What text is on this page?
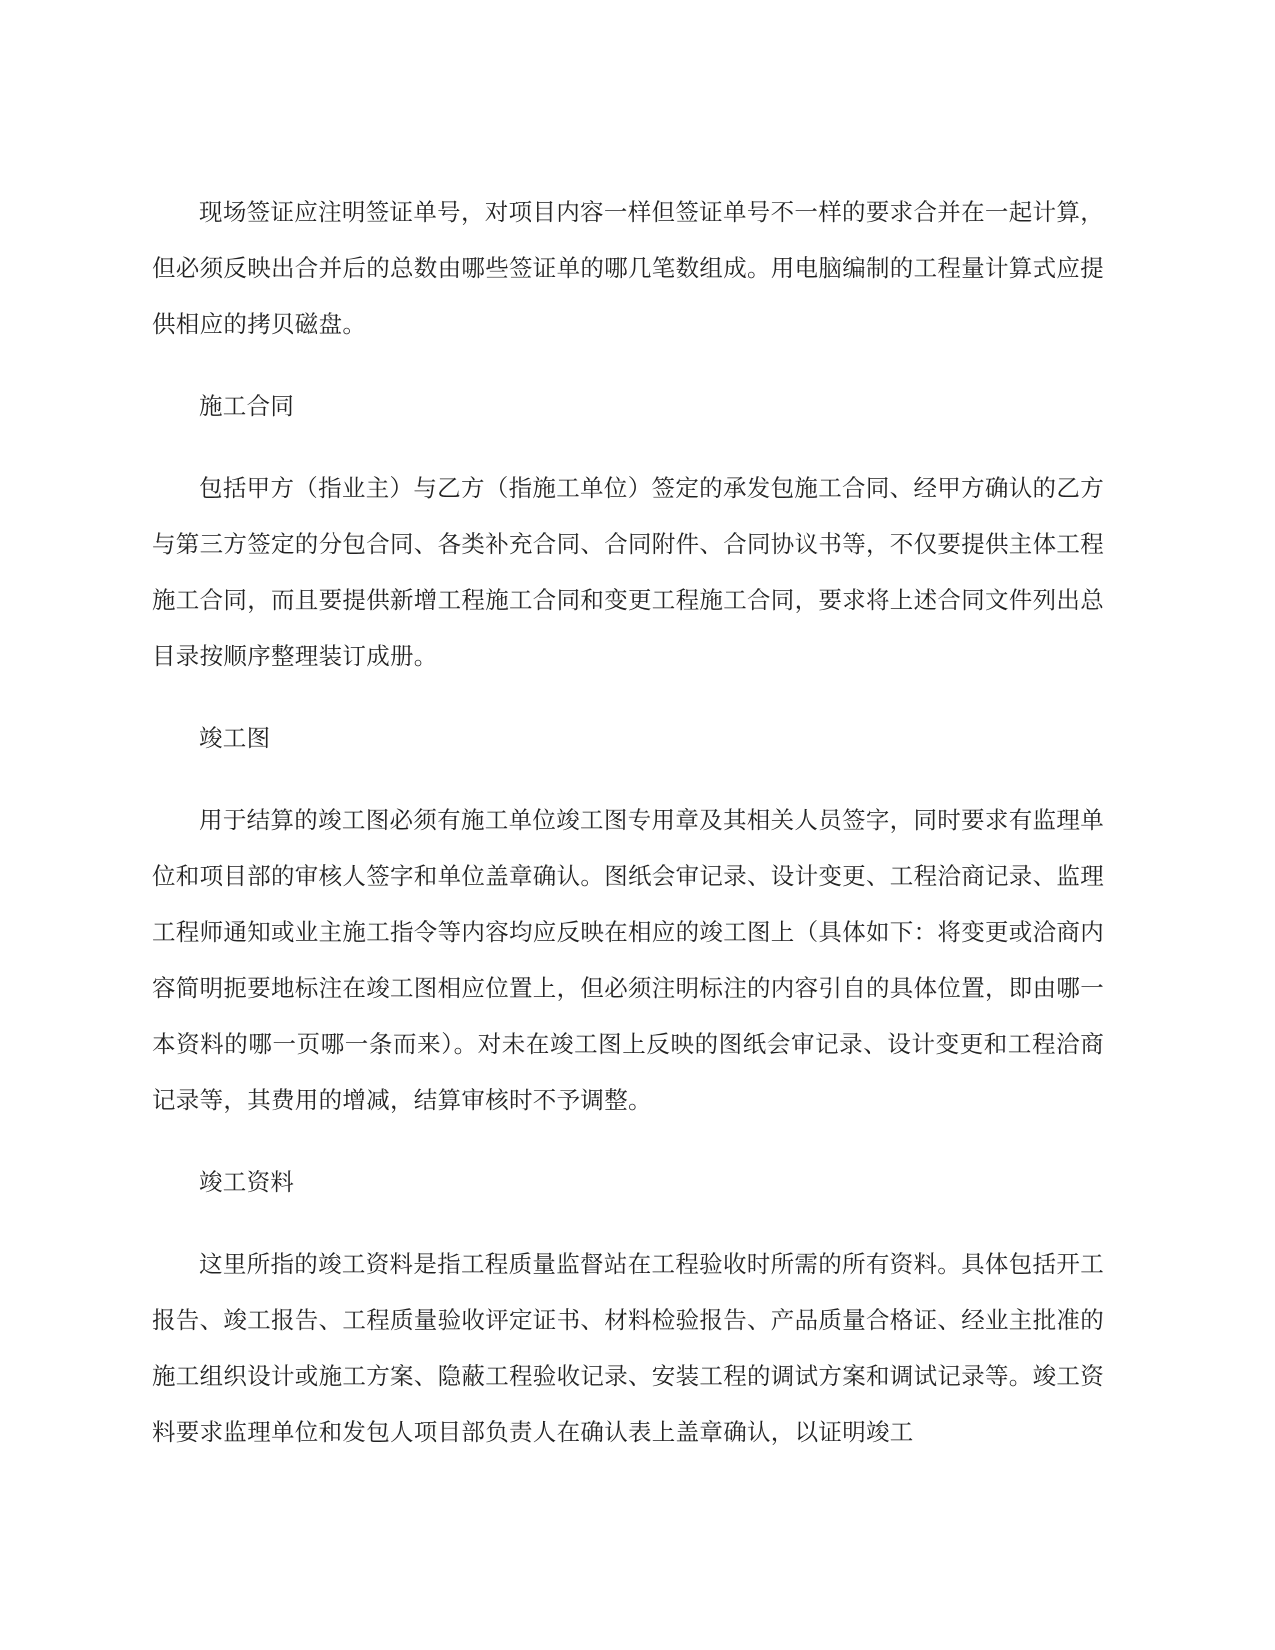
现场签证应注明签证单号，对项目内容一样但签证单号不一样的要求合并在一起计算，但必须反映出合并后的总数由哪些签证单的哪几笔数组成。用电脑编制的工程量计算式应提供相应的拷贝磁盘。

施工合同

包括甲方（指业主）与乙方（指施工单位）签定的承发包施工合同、经甲方确认的乙方与第三方签定的分包合同、各类补充合同、合同附件、合同协议书等，不仅要提供主体工程施工合同，而且要提供新增工程施工合同和变更工程施工合同，要求将上述合同文件列出总目录按顺序整理装订成册。

竣工图

用于结算的竣工图必须有施工单位竣工图专用章及其相关人员签字，同时要求有监理单位和项目部的审核人签字和单位盖章确认。图纸会审记录、设计变更、工程洽商记录、监理工程师通知或业主施工指令等内容均应反映在相应的竣工图上（具体如下：将变更或洽商内容简明扼要地标注在竣工图相应位置上，但必须注明标注的内容引自的具体位置，即由哪一本资料的哪一页哪一条而来）。对未在竣工图上反映的图纸会审记录、设计变更和工程洽商记录等，其费用的增减，结算审核时不予调整。

竣工资料

这里所指的竣工资料是指工程质量监督站在工程验收时所需的所有资料。具体包括开工报告、竣工报告、工程质量验收评定证书、材料检验报告、产品质量合格证、经业主批准的施工组织设计或施工方案、隐蔽工程验收记录、安装工程的调试方案和调试记录等。竣工资料要求监理单位和发包人项目部负责人在确认表上盖章确认，以证明竣工
